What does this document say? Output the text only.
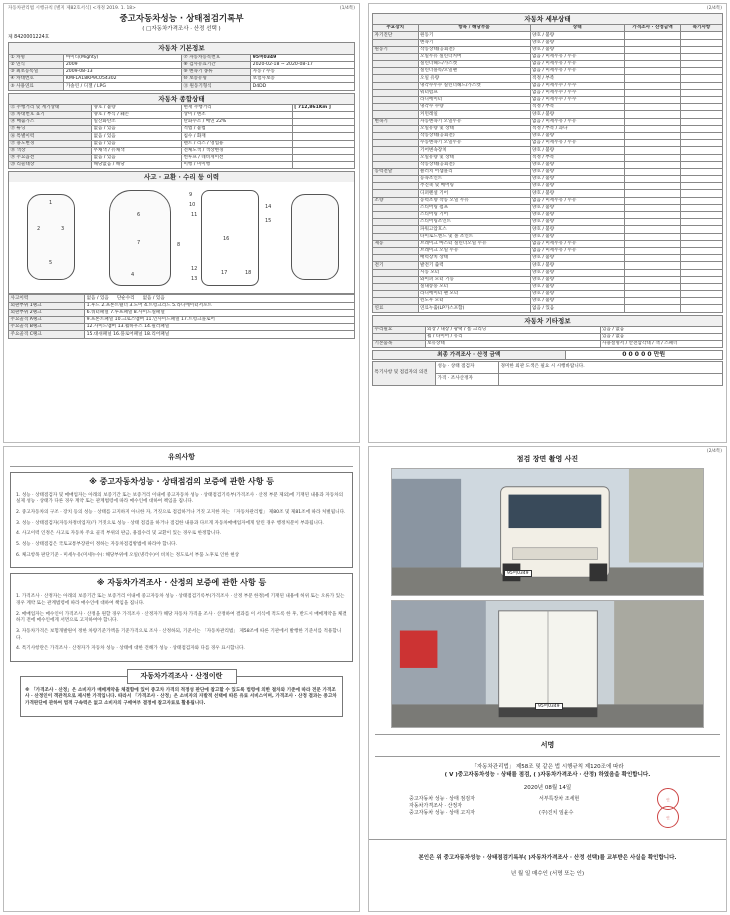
자동차관리법 시행규칙 [별지 제82호서식] <개정 2019. 1. 18>	(1/4쪽)
중고자동차성능 · 상태점검기록부
( □자동차가격조사 · 산정 선택 )
제 8420001224호
자동차 기본정보
① 차명	마이티(Mighty)	⑦ 자동차등록번호	95버0349
② 연식	2009	⑧ 검사유효기간	2020-02-18 ~ 2020-08-17
③ 최초등록일	2009-08-13	⑨ 변속기 종류	자동 / 수동
④ 차대번호	KMFLA18KP9C054302	⑩ 보증유형	보험사보증
⑤ 사용연료	가솔린 / 디젤 / LPG	⑪ 원동기형식	D4DD
자동차 종합상태
⑫ 주행거리 및 계기상태	양호 / 불량	현재 주행거리	[ 712,861Km ]
⑬ 차대번호 표기	양호 / 부식 / 훼손	상이 / 변조	
⑭ 배출가스	일산화탄소	탄화수소 / 매연 22%	
⑮ 튜닝	없음 / 있음	적법 / 불법	
⑯ 특별이력	없음 / 있음	침수 / 화재	
⑰ 용도변경	없음 / 있음	렌트 / 리스 / 영업용	
⑱ 색상	무채색 / 유채색	전체도색 / 색상변경	
⑲ 주요옵션	없음 / 있음	썬루프 / 네비게이션	
⑳ 리콜대상	해당없음 / 해당	이행 / 미이행	
사고 · 교환 · 수리 등 이력
1
2	3
4
5
6
7	8
9
10
11
12
13
14
15
16
17	18
사고이력	없음 / 있음 단순수리 없음 / 있음
외판부위 1랭크	1.후드 2.프론트휀더 3.도어 4.트렁크리드 5.라디에이터서포트
외판부위 2랭크	6.쿼터패널 7.루프패널 8.사이드실패널
주요골격 A랭크	9.프론트패널 10.크로스멤버 11.인사이드패널 17.트렁크플로어
주요골격 B랭크	12.사이드멤버 13.휠하우스 14.필러패널
주요골격 C랭크	15.대쉬패널 16.플로어패널 18.리어패널
(2/4쪽)
자동차 세부상태
주요장치	항목 / 해당부품	상태	가격조사 · 산정금액	특기사항
자기진단	원동기	양호 / 불량		
	변속기	양호 / 불량		
원동기	작동상태(공회전)	양호 / 불량		
	오일누유 실린더커버	없음 / 미세누유 / 누유		
	실린더헤드/가스켓	없음 / 미세누유 / 누유		
	실린더블록/오일팬	없음 / 미세누유 / 누유		
	오일 유량	적정 / 부족		
	냉각수누수 실린더헤드/가스켓	없음 / 미세누수 / 누수		
	워터펌프	없음 / 미세누수 / 누수		
	라디에이터	없음 / 미세누수 / 누수		
	냉각수 수량	적정 / 부족		
	커먼레일	양호 / 불량		
변속기	자동변속기 오일누유	없음 / 미세누유 / 누유		
	오일유량 및 상태	적정 / 부족 / 과다		
	작동상태(공회전)	양호 / 불량		
	수동변속기 오일누유	없음 / 미세누유 / 누유		
	기어변속장치	양호 / 불량		
	오일유량 및 상태	적정 / 부족		
	작동상태(공회전)	양호 / 불량		
동력전달	클러치 어셈블리	양호 / 불량		
	등속조인트	양호 / 불량		
	추진축 및 베어링	양호 / 불량		
	디퍼렌셜 기어	양호 / 불량		
조향	동력조향 작동 오일 누유	없음 / 미세누유 / 누유		
	스티어링 펌프	양호 / 불량		
	스티어링 기어	양호 / 불량		
	스티어링조인트	양호 / 불량		
	파워고압호스	양호 / 불량		
	타이로드엔드 및 볼 조인트	양호 / 불량		
제동	브레이크 마스터 실린더오일 누유	없음 / 미세누유 / 누유		
	브레이크 오일 누유	없음 / 미세누유 / 누유		
	배력장치 상태	양호 / 불량		
전기	발전기 출력	양호 / 불량		
	시동 모터	양호 / 불량		
	와이퍼 모터 기능	양호 / 불량		
	실내송풍 모터	양호 / 불량		
	라디에이터 팬 모터	양호 / 불량		
	윈도우 모터	양호 / 불량		
연료	연료누출(LP가스포함)	없음 / 있음		
자동차 기타정보
수리필요	외장 / 내장 / 광택 / 룸 크리닝	있음 / 없음
	휠 / 타이어 / 유리	있음 / 없음
기본품목	보유상태	사용설명서 / 안전삼각대 / 잭 / 스패너
최종 가격조사 · 산정 금액	0 0 0 0 0 만원
특기사항 및 점검자의 의견	성능 · 상태 점검자	경미한 외관 도색은 필요 시 시행바랍니다.
	가격 · 조사산정자	
유의사항
※ 중고자동차성능 · 상태점검의 보증에 관한 사항 등
1. 성능 · 상태점검자 및 매매업자는 아래의 보증기간 또는 보증거리 이내에 중고자동차 성능 · 상태점검기록부(가격조사 · 산정 부분 제외)에 기재된 내용과 자동차의 실제 성능 · 상태가 다른 경우 계약 또는 관계법령에 따라 매수인에 대하여 책임을 집니다.
2. 중고자동차의 구조 · 장치 등의 성능 · 상태를 고지하지 아니한 자, 거짓으로 점검하거나 거짓 고지한 자는 「자동차관리법」 제80조 및 제81조에 따라 처벌됩니다.
3. 성능 · 상태점검자(자동차정비업자)가 거짓으로 성능 · 상태 점검을 하거나 점검한 내용과 다르게 자동차매매업자에게 알린 경우 행정처분이 부과됩니다.
4. 사고이력 인정은 사고로 자동차 주요 골격 부위의 판금, 용접수리 및 교환이 있는 경우로 한정합니다.
5. 성능 · 상태점검은 국토교통부장관이 정하는 자동차점검방법에 따라야 합니다.
6. 체크항목 판단기준 - 미세누유(미세누수): 해당부위에 오일(냉각수)이 비치는 정도로서 부품 노후로 인한 현상
※ 자동차가격조사 · 산정의 보증에 관한 사항 등
1. 가격조사 · 산정자는 아래의 보증기간 또는 보증거리 이내에 중고자동차 성능 · 상태점검기록부(가격조사 · 산정 부분 한정)에 기재된 내용에 허위 또는 오류가 있는 경우 계약 또는 관계법령에 따라 매수인에 대하여 책임을 집니다.
2. 매매업자는 매수인이 가격조사 · 산정을 원할 경우 가격조사 · 산정자가 해당 자동차 가격을 조사 · 산정하여 결과를 이 서식에 적도록 한 후, 반드시 매매계약을 체결하기 전에 매수인에게 서면으로 고지하여야 합니다.
3. 자동차가격은 보험개발원이 정한 차량기준가액을 기준가격으로 조사 · 산정하되, 기준서는 「자동차관리법」 제58조에 따른 기관에서 발행한 기준서를 적용합니다.
4. 특기사항란은 가격조사 · 산정자가 자동차 성능 · 상태에 대한 견해가 성능 · 상태점검자와 다를 경우 표시합니다.
자동차가격조사 · 산정이란
※ 「가격조사 · 산정」은 소비자가 매매계약을 체결함에 있어 중고차 가격의 적정성 판단에 참고할 수 있도록 법령에 의한 절차와 기준에 따라 전문 가격조사 · 산정인이 객관적으로 제시한 가격입니다. 따라서 「가격조사 · 산정」은 소비자의 자발적 선택에 따른 유료 서비스이며, 가격조사 · 산정 결과는 중고차 가격판단에 관하여 법적 구속력은 없고 소비자의 구매여부 결정에 참고자료로 활용됩니다.
(2/4쪽)
점검 장면 촬영 사진
95버0349
95버0349
서명
「자동차관리법」 제58조 및 같은 법 시행규칙 제120조에 따라
( V )중고자동차성능 · 상태를 점검, ( )자동차가격조사 · 산정) 하였음을 확인합니다.
2020년 08월 14일
중고자동차 성능 · 상태 점검자	서부특장차 조세현
자동차가격조사 · 산정자
중고자동차 성능 · 상태 고지자	(주)진치 임윤수
인
인
본인은 위 중고자동차성능 · 상태점검기록부( )자동차가격조사 · 산정 선택)를 교부받은 사실을 확인합니다.
년 월 일 매수인 (서명 또는 인)
